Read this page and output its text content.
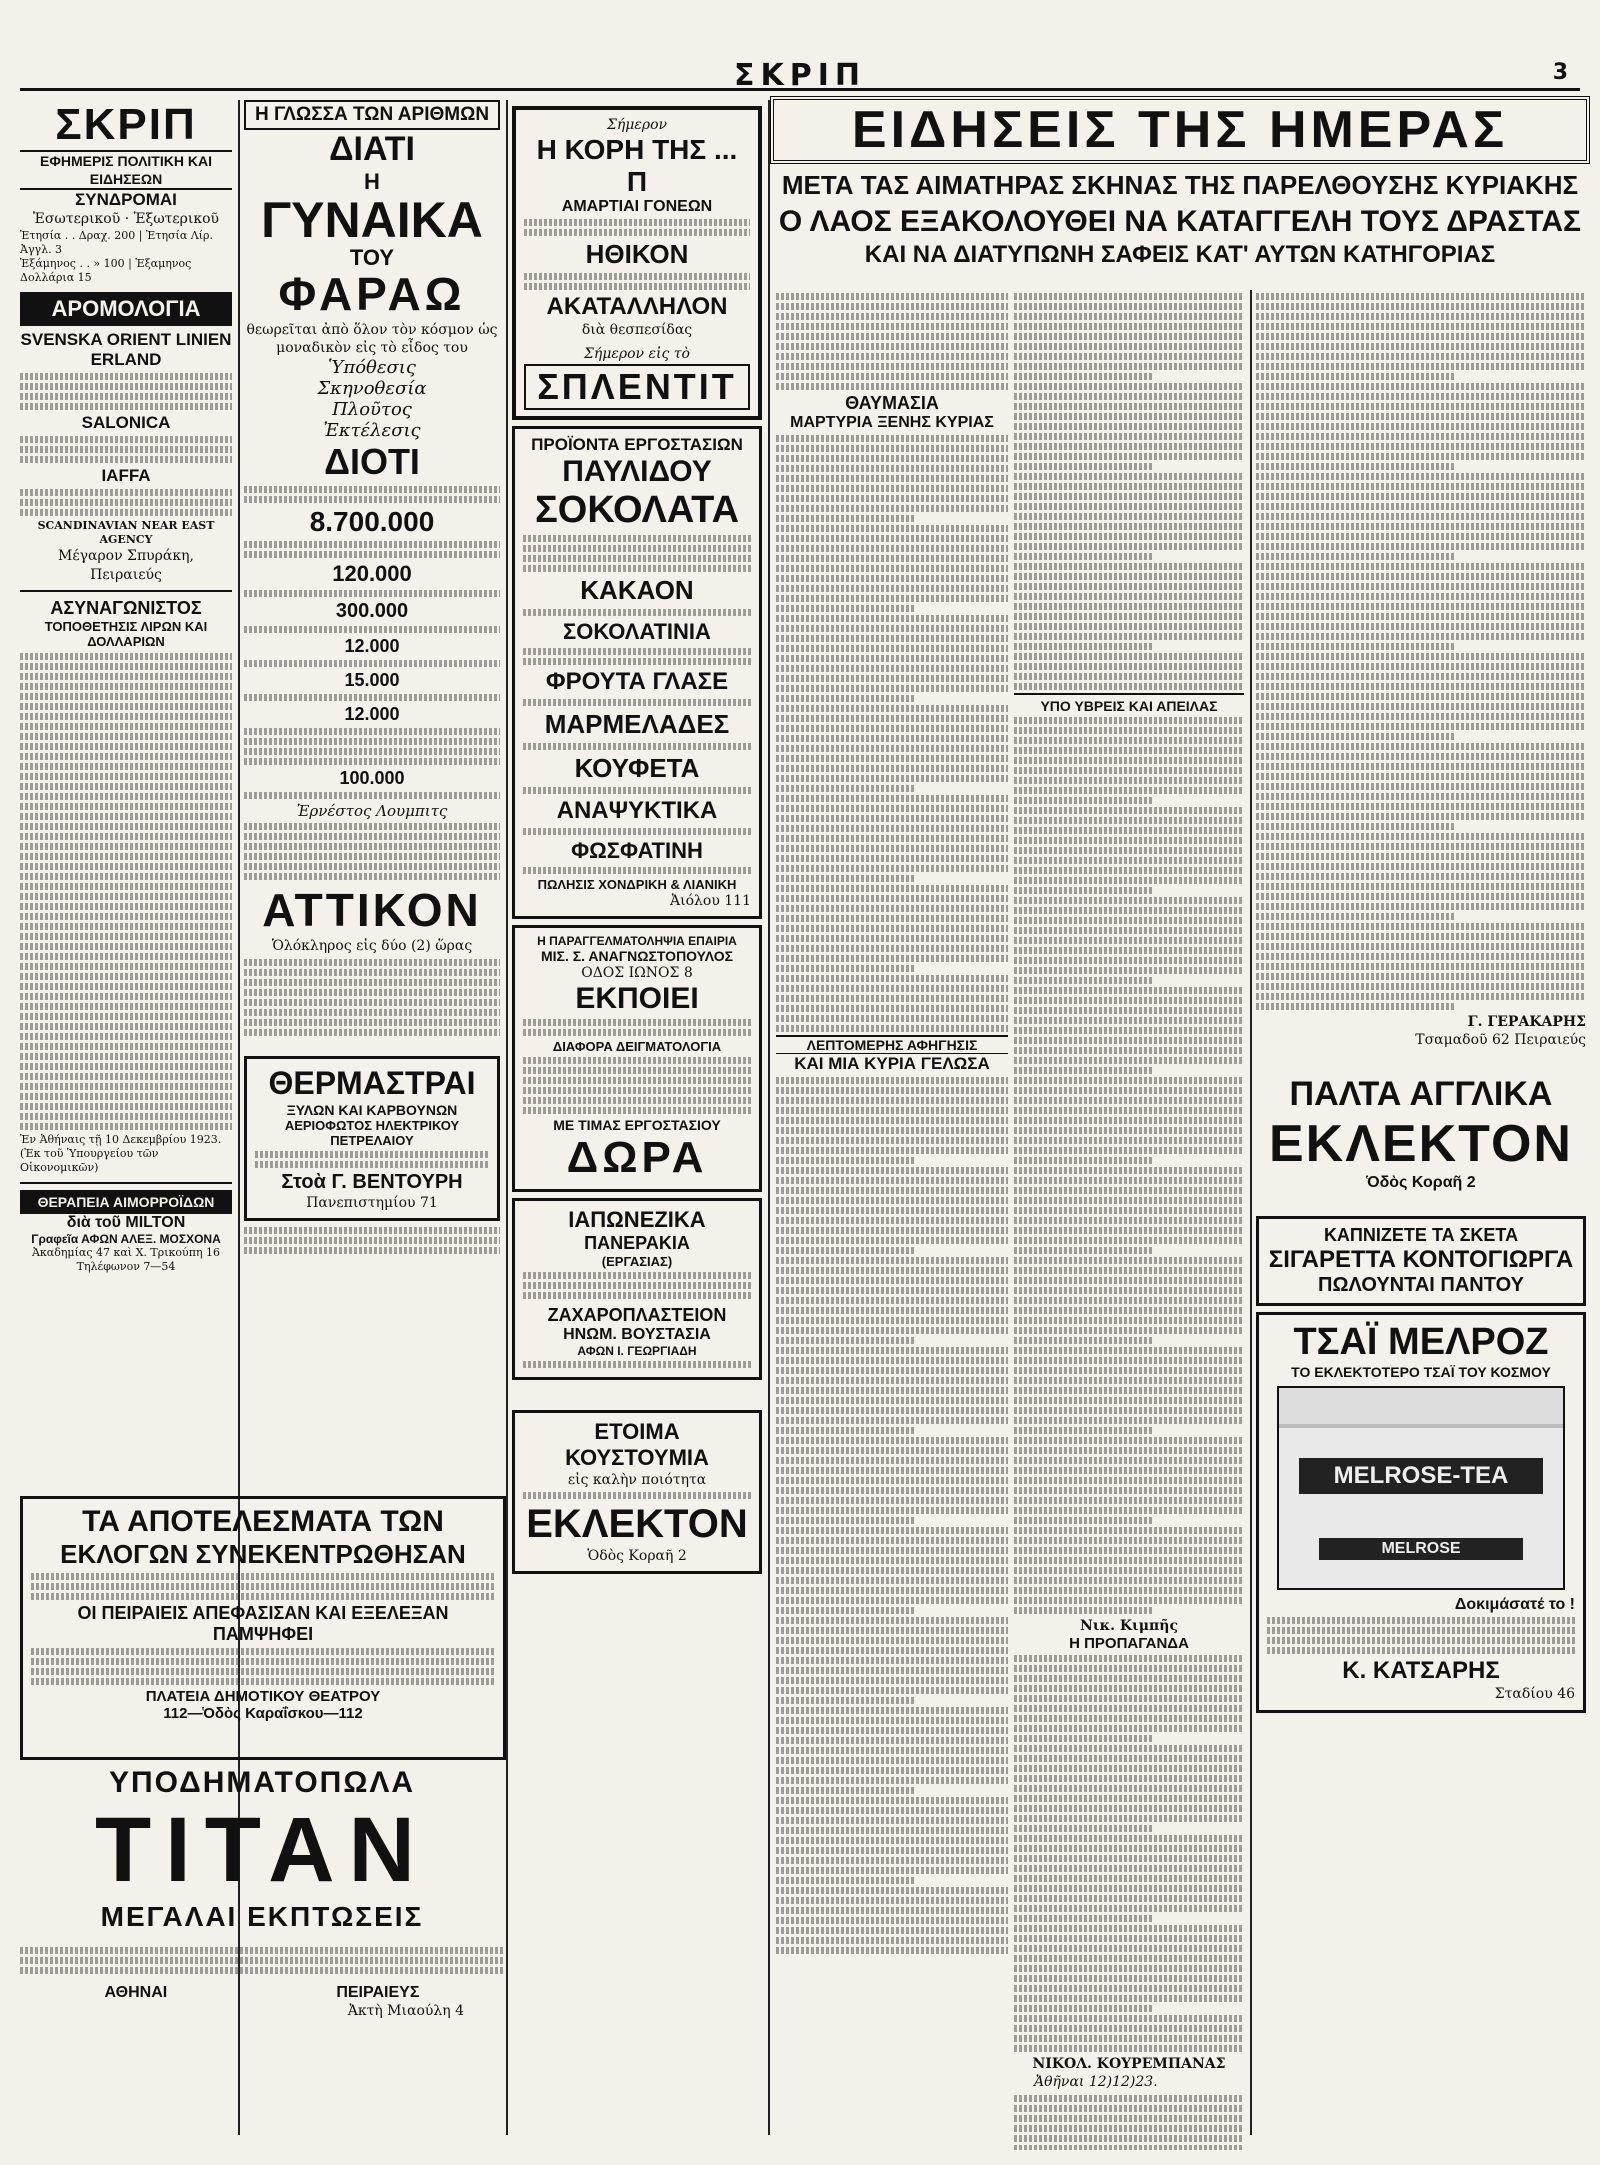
ΣΚΡΙΠ	3
ΣΚΡΙΠ
ΕΦΗΜΕΡΙΣ ΠΟΛΙΤΙΚΗ ΚΑΙ ΕΙΔΗΣΕΩΝ
ΣΥΝΔΡΟΜΑΙ
Ἐσωτερικοῦ · Ἐξωτερικοῦ
Ἐτησία . . Δραχ. 200 | Ἐτησία Λίρ. Ἀγγλ. 3
Ἑξάμηνος . . » 100 | Ἑξαμηνος Δολλάρια 15
ΑΡΟΜΟΛΟΓΙΑ
SVENSKA ORIENT LINIEN
ERLAND
SALONICA
IAFFA
SCANDINAVIAN NEAR EAST AGENCY
Μέγαρον Σπυράκη, Πειραιεύς
ΑΣΥΝΑΓΩΝΙΣΤΟΣ
ΤΟΠΟΘΕΤΗΣΙΣ ΛΙΡΩΝ ΚΑΙ ΔΟΛΛΑΡΙΩΝ
Ἐν Ἀθήναις τῇ 10 Δεκεμβρίου 1923.
(Ἐκ τοῦ Ὑπουργείου τῶν Οἰκονομικῶν)
ΘΕΡΑΠΕΙΑ ΑΙΜΟΡΡΟΪΔΩΝ
διὰ τοῦ MILTON
Γραφεῖα ΑΦΩΝ ΑΛΕΞ. ΜΟΣΧΟΝΑ
Ἀκαδημίας 47 καὶ Χ. Τρικούπη 16
Τηλέφωνον 7—54
Η ΓΛΩΣΣΑ ΤΩΝ ΑΡΙΘΜΩΝ
ΔΙΑΤΙ
Η
ΓΥΝΑΙΚΑ
ΤΟΥ
ΦΑΡΑΩ
θεωρεῖται ἀπὸ ὅλον τὸν κόσμον ὡς μοναδικὸν εἰς τὸ εἶδος του
Ὑπόθεσις
Σκηνοθεσία
Πλοῦτος
Ἐκτέλεσις
ΔΙΟΤΙ
8.700.000
120.000
300.000
12.000
15.000
12.000
100.000
Ἐρνέστος Λουμπιτς
ΑΤΤΙΚΟΝ
Ὁλόκληρος εἰς δύο (2) ὥρας
ΘΕΡΜΑΣΤΡΑΙ
ΞΥΛΩΝ ΚΑΙ ΚΑΡΒΟΥΝΩΝ
ΑΕΡΙΟΦΩΤΟΣ ΗΛΕΚΤΡΙΚΟΥ ΠΕΤΡΕΛΑΙΟΥ
Στοὰ Γ. ΒΕΝΤΟΥΡΗ
Πανεπιστημίου 71
Σήμερον
Η ΚΟΡΗ ΤΗΣ ... Π
ΑΜΑΡΤΙΑΙ ΓΟΝΕΩΝ
ΗΘΙΚΟΝ
ΑΚΑΤΑΛΛΗΛΟΝ
διὰ θεσπεσίδας
Σήμερον εἰς τὸ
ΣΠΛΕΝΤΙΤ
ΠΡΟΪΟΝΤΑ ΕΡΓΟΣΤΑΣΙΩΝ
ΠΑΥΛΙΔΟΥ
ΣΟΚΟΛΑΤΑ
ΚΑΚΑΟΝ
ΣΟΚΟΛΑΤΙΝΙΑ
ΦΡΟΥΤΑ ΓΛΑΣΕ
ΜΑΡΜΕΛΑΔΕΣ
ΚΟΥΦΕΤΑ
ΑΝΑΨΥΚΤΙΚΑ
ΦΩΣΦΑΤΙΝΗ
ΠΩΛΗΣΙΣ ΧΟΝΔΡΙΚΗ & ΛΙΑΝΙΚΗ
Ἀιόλου 111
Η ΠΑΡΑΓΓΕΛΜΑΤΟΛΗΨΙΑ ΕΠΑΙΡΙΑ
ΜΙΣ. Σ. ΑΝΑΓΝΩΣΤΟΠΟΥΛΟΣ
ΟΔΟΣ ΙΩΝΟΣ 8
ΕΚΠΟΙΕΙ
ΔΙΑΦΟΡΑ ΔΕΙΓΜΑΤΟΛΟΓΙΑ
ΜΕ ΤΙΜΑΣ ΕΡΓΟΣΤΑΣΙΟΥ
ΔΩΡΑ
ΙΑΠΩΝΕΖΙΚΑ
ΠΑΝΕΡΑΚΙΑ
(ΕΡΓΑΣΙΑΣ)
ΖΑΧΑΡΟΠΛΑΣΤΕΙΟΝ
ΗΝΩΜ. ΒΟΥΣΤΑΣΙΑ
ΑΦΩΝ Ι. ΓΕΩΡΓΙΑΔΗ
ΕΤΟΙΜΑ ΚΟΥΣΤΟΥΜΙΑ
εἰς καλὴν ποιότητα
ΕΚΛΕΚΤΟΝ
Ὁδὸς Κοραῆ 2
ΕΙΔΗΣΕΙΣ ΤΗΣ ΗΜΕΡΑΣ
ΜΕΤΑ ΤΑΣ ΑΙΜΑΤΗΡΑΣ ΣΚΗΝΑΣ ΤΗΣ ΠΑΡΕΛΘΟΥΣΗΣ ΚΥΡΙΑΚΗΣ
Ο ΛΑΟΣ ΕΞΑΚΟΛΟΥΘΕΙ ΝΑ ΚΑΤΑΓΓΕΛΗ ΤΟΥΣ ΔΡΑΣΤΑΣ
ΚΑΙ ΝΑ ΔΙΑΤΥΠΩΝΗ ΣΑΦΕΙΣ ΚΑΤ' ΑΥΤΩΝ ΚΑΤΗΓΟΡΙΑΣ
ΘΑΥΜΑΣΙΑ
ΜΑΡΤΥΡΙΑ ΞΕΝΗΣ ΚΥΡΙΑΣ
ΛΕΠΤΟΜΕΡΗΣ ΑΦΗΓΗΣΙΣ
ΚΑΙ ΜΙΑ ΚΥΡΙΑ ΓΕΛΩΣΑ
ΥΠΟ ΥΒΡΕΙΣ ΚΑΙ ΑΠΕΙΛΑΣ
Νικ. Κιμπῆς
Η ΠΡΟΠΑΓΑΝΔΑ
ΝΙΚΟΛ. ΚΟΥΡΕΜΠΑΝΑΣ
Ἀθῆναι 12)12)23.
Γ. ΓΕΡΑΚΑΡΗΣ
Τσαμαδοῦ 62 Πειραιεύς
ΠΑΛΤΑ ΑΓΓΛΙΚΑ
ΕΚΛΕΚΤΟΝ
Ὁδὸς Κοραῆ 2
ΚΑΠΝΙΖΕΤΕ ΤΑ ΣΚΕΤΑ
ΣΙΓΑΡΕΤΤΑ ΚΟΝΤΟΓΙΩΡΓΑ
ΠΩΛΟΥΝΤΑΙ ΠΑΝΤΟΥ
ΤΣΑΪ ΜΕΛΡΟΖ
ΤΟ ΕΚΛΕΚΤΟΤΕΡΟ ΤΣΑΪ ΤΟΥ ΚΟΣΜΟΥ
MELROSE-TEA
MELROSE
Δοκιμάσατέ το !
Κ. ΚΑΤΣΑΡΗΣ
Σταδίου 46
ΤΑ ΑΠΟΤΕΛΕΣΜΑΤΑ ΤΩΝ
ΕΚΛΟΓΩΝ ΣΥΝΕΚΕΝΤΡΩΘΗΣΑΝ
ΟΙ ΠΕΙΡΑΙΕΙΣ ΑΠΕΦΑΣΙΣΑΝ ΚΑΙ ΕΞΕΛΕΞΑΝ ΠΑΜΨΗΦΕΙ
ΠΛΑΤΕΙΑ ΔΗΜΟΤΙΚΟΥ ΘΕΑΤΡΟΥ
112—Ὁδὸς Καραΐσκου—112
ΥΠΟΔΗΜΑΤΟΠΩΛΑ
ΤΙΤΑΝ
ΜΕΓΑΛΑΙ ΕΚΠΤΩΣΕΙΣ
ΑΘΗΝΑΙ	ΠΕΙΡΑΙΕΥΣ
Ἀκτὴ Μιαούλη 4
